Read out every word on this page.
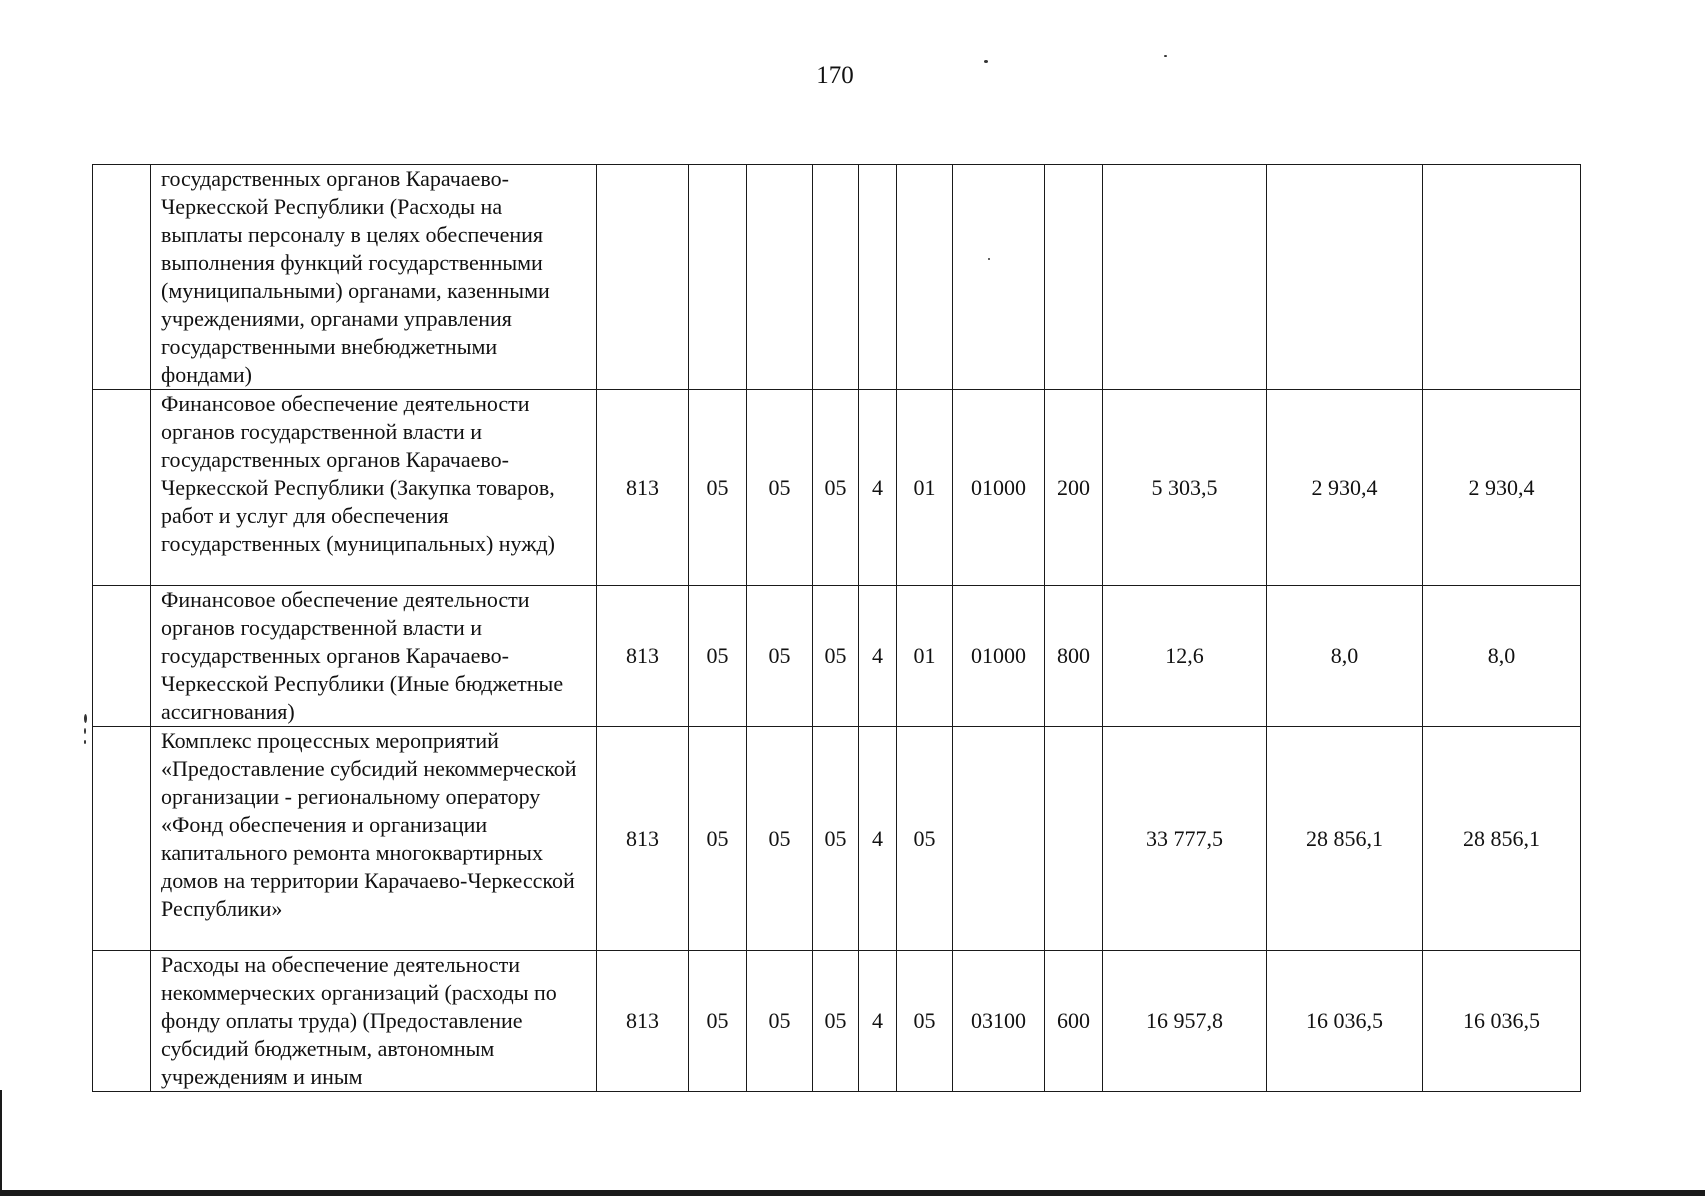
170
	государственных органов Карачаево-Черкесской Республики (Расходы на выплаты персоналу в целях обеспечения выполнения функций государственными (муниципальными) органами, казенными учреждениями, органами управления государственными внебюджетными фондами)											
	Финансовое обеспечение деятельности органов государственной власти и государственных органов Карачаево-Черкесской Республики (Закупка товаров, работ и услуг для обеспечения государственных (муниципальных) нужд)	813	05	05	05	4	01	01000	200	5 303,5	2 930,4	2 930,4
	Финансовое обеспечение деятельности органов государственной власти и государственных органов Карачаево-Черкесской Республики (Иные бюджетные ассигнования)	813	05	05	05	4	01	01000	800	12,6	8,0	8,0
	Комплекс процессных мероприятий «Предоставление субсидий некоммерческой организации - региональному оператору «Фонд обеспечения и организации капитального ремонта многоквартирных домов на территории Карачаево-Черкесской Республики»	813	05	05	05	4	05			33 777,5	28 856,1	28 856,1
	Расходы на обеспечение деятельности некоммерческих организаций (расходы по фонду оплаты труда) (Предоставление субсидий бюджетным, автономным учреждениям и иным	813	05	05	05	4	05	03100	600	16 957,8	16 036,5	16 036,5
